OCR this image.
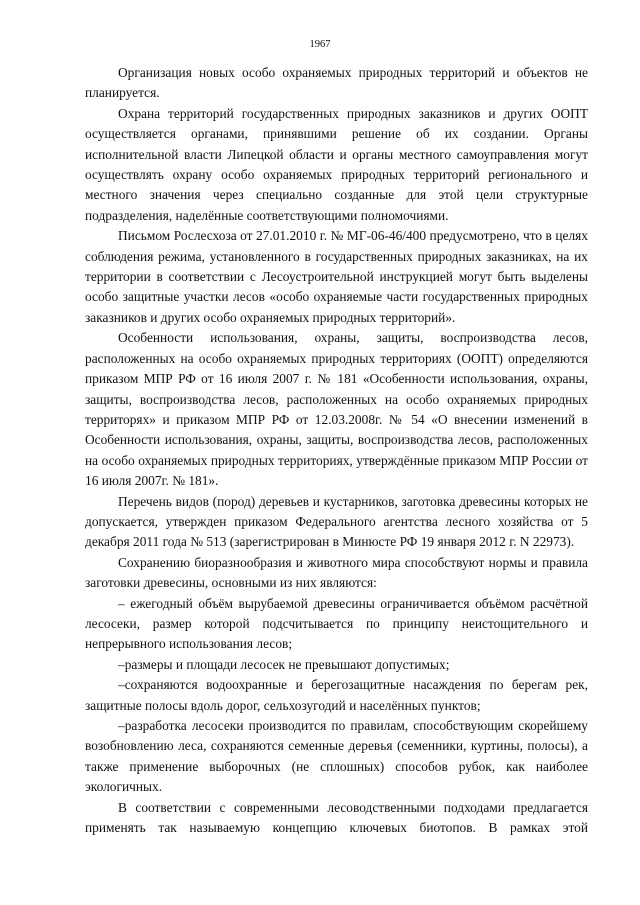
1967

Организация новых особо охраняемых природных территорий и объектов не планируется.

Охрана территорий государственных природных заказников и других ООПТ осуществляется органами, принявшими решение об их создании. Органы исполнительной власти Липецкой области и органы местного самоуправления могут осуществлять охрану особо охраняемых природных территорий регионального и местного значения через специально созданные для этой цели структурные подразделения, наделённые соответствующими полномочиями.

Письмом Рослесхоза от 27.01.2010 г. № МГ-06-46/400 предусмотрено, что в целях соблюдения режима, установленного в государственных природных заказниках, на их территории в соответствии с Лесоустроительной инструкцией могут быть выделены особо защитные участки лесов «особо охраняемые части государственных природных заказников и других особо охраняемых природных территорий».

Особенности использования, охраны, защиты, воспроизводства лесов, расположенных на особо охраняемых природных территориях (ООПТ) определяются приказом МПР РФ от 16 июля 2007 г. № 181 «Особенности использования, охраны, защиты, воспроизводства лесов, расположенных на особо охраняемых природных территорях» и приказом МПР РФ от 12.03.2008г. № 54 «О внесении изменений в Особенности использования, охраны, защиты, воспроизводства лесов, расположенных на особо охраняемых природных территориях, утверждённые приказом МПР России от 16 июля 2007г. № 181».

Перечень видов (пород) деревьев и кустарников, заготовка древесины которых не допускается, утвержден приказом Федерального агентства лесного хозяйства от 5 декабря 2011 года № 513 (зарегистрирован в Минюсте РФ 19 января 2012 г. N 22973).

Сохранению биоразнообразия и животного мира способствуют нормы и правила заготовки древесины, основными из них являются:

– ежегодный объём вырубаемой древесины ограничивается объёмом расчётной лесосеки, размер которой подсчитывается по принципу неистощительного и непрерывного использования лесов;

–размеры и площади лесосек не превышают допустимых;

–сохраняются водоохранные и берегозащитные насаждения по берегам рек, защитные полосы вдоль дорог, сельхозугодий и населённых пунктов;

–разработка лесосеки производится по правилам, способствующим скорейшему возобновлению леса, сохраняются семенные деревья (семенники, куртины, полосы), а также применение выборочных (не сплошных) способов рубок, как наиболее экологичных.

В соответствии с современными лесоводственными подходами предлагается применять так называемую концепцию ключевых биотопов. В рамках этой
